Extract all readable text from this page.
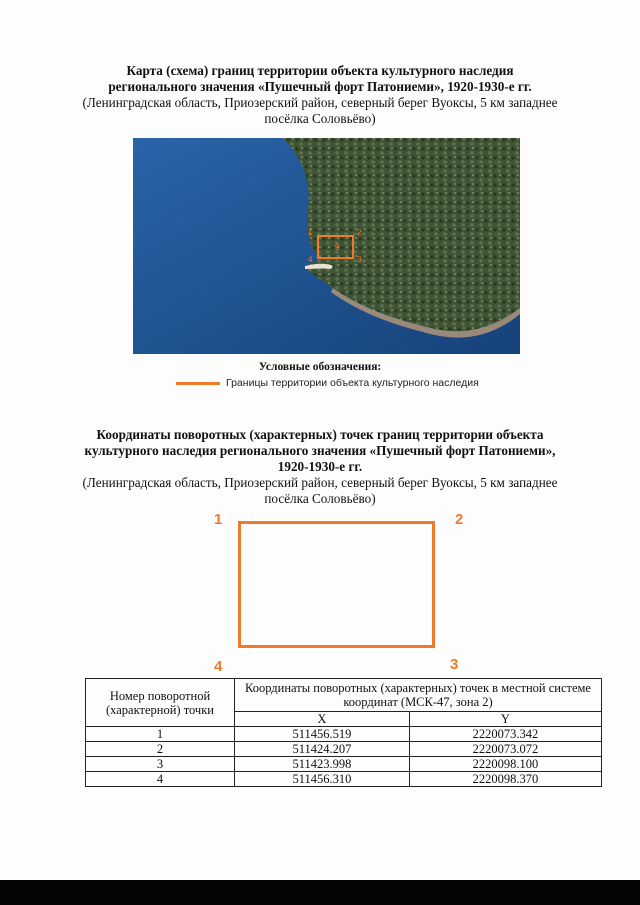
Карта (схема) границ территории объекта культурного наследия
регионального значения «Пушечный форт Патониеми», 1920-1930-е гг.
(Ленинградская область, Приозерский район, северный берег Вуоксы, 5 км западнее
посёлка Соловьёво)
9
1	2
3
4
Условные обозначения:
Границы территории объекта культурного наследия
Координаты поворотных (характерных) точек границ территории объекта
культурного наследия регионального значения «Пушечный форт Патониеми»,
1920-1930-е гг.
(Ленинградская область, Приозерский район, северный берег Вуоксы, 5 км западнее
посёлка Соловьёво)
1	2
3
4
Номер поворотной (характерной) точки	Координаты поворотных (характерных) точек в местной системе координат (МСК-47, зона 2)	
	X	Y
1	511456.519	2220073.342
2	511424.207	2220073.072
3	511423.998	2220098.100
4	511456.310	2220098.370
